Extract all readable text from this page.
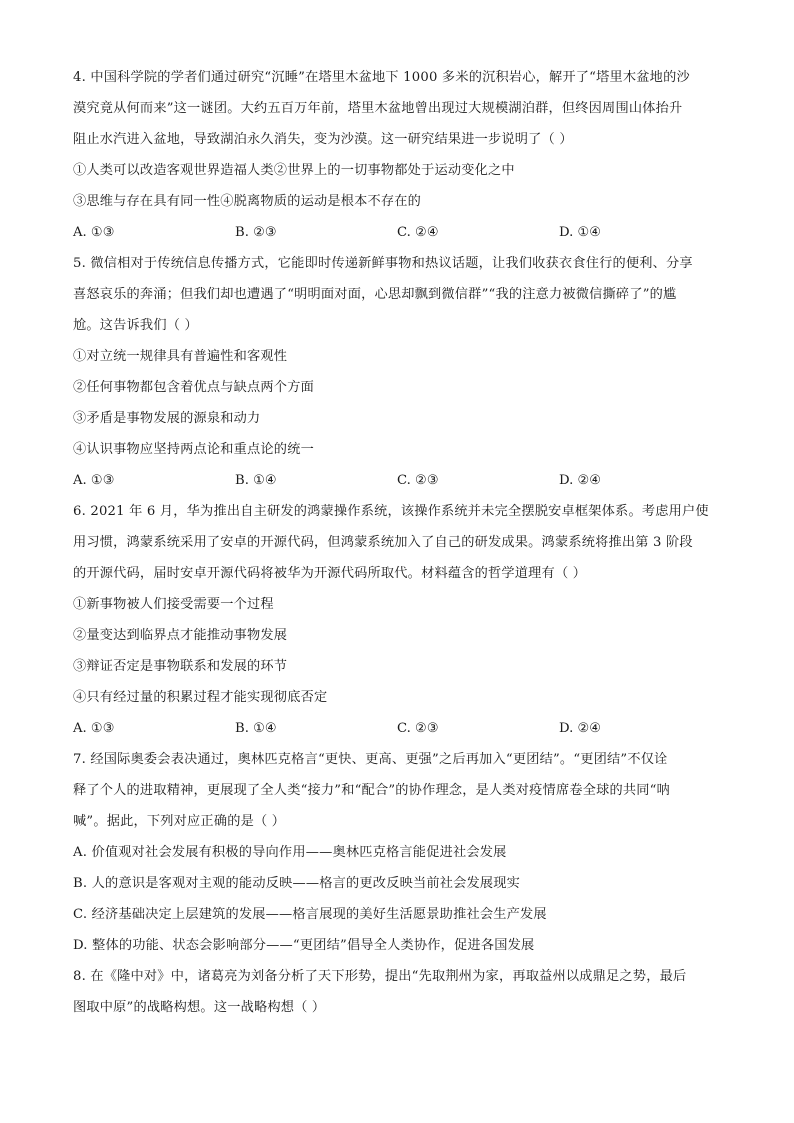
4. 中国科学院的学者们通过研究“沉睡”在塔里木盆地下 1000 多米的沉积岩心，解开了“塔里木盆地的沙
漠究竟从何而来”这一谜团。大约五百万年前，塔里木盆地曾出现过大规模湖泊群，但终因周围山体抬升
阻止水汽进入盆地，导致湖泊永久消失，变为沙漠。这一研究结果进一步说明了（ ）
①人类可以改造客观世界造福人类②世界上的一切事物都处于运动变化之中
③思维与存在具有同一性④脱离物质的运动是根本不存在的
A. ①③	B. ②③	C. ②④	D. ①④
5. 微信相对于传统信息传播方式，它能即时传递新鲜事物和热议话题，让我们收获衣食住行的便利、分享
喜怒哀乐的奔涌；但我们却也遭遇了“明明面对面，心思却飘到微信群”“我的注意力被微信撕碎了”的尴
尬。这告诉我们（ ）
①对立统一规律具有普遍性和客观性
②任何事物都包含着优点与缺点两个方面
③矛盾是事物发展的源泉和动力
④认识事物应坚持两点论和重点论的统一
A. ①③	B. ①④	C. ②③	D. ②④
6. 2021 年 6 月，华为推出自主研发的鸿蒙操作系统，该操作系统并未完全摆脱安卓框架体系。考虑用户使
用习惯，鸿蒙系统采用了安卓的开源代码，但鸿蒙系统加入了自己的研发成果。鸿蒙系统将推出第 3 阶段
的开源代码，届时安卓开源代码将被华为开源代码所取代。材料蕴含的哲学道理有（ ）
①新事物被人们接受需要一个过程
②量变达到临界点才能推动事物发展
③辩证否定是事物联系和发展的环节
④只有经过量的积累过程才能实现彻底否定
A. ①③	B. ①④	C. ②③	D. ②④
7. 经国际奥委会表决通过，奥林匹克格言“更快、更高、更强”之后再加入“更团结”。“更团结”不仅诠
释了个人的进取精神，更展现了全人类“接力”和“配合”的协作理念，是人类对疫情席卷全球的共同“呐
喊”。据此，下列对应正确的是（ ）
A. 价值观对社会发展有积极的导向作用——奥林匹克格言能促进社会发展
B. 人的意识是客观对主观的能动反映——格言的更改反映当前社会发展现实
C. 经济基础决定上层建筑的发展——格言展现的美好生活愿景助推社会生产发展
D. 整体的功能、状态会影响部分——“更团结”倡导全人类协作，促进各国发展
8. 在《隆中对》中，诸葛亮为刘备分析了天下形势，提出“先取荆州为家，再取益州以成鼎足之势，最后
图取中原”的战略构想。这一战略构想（ ）
